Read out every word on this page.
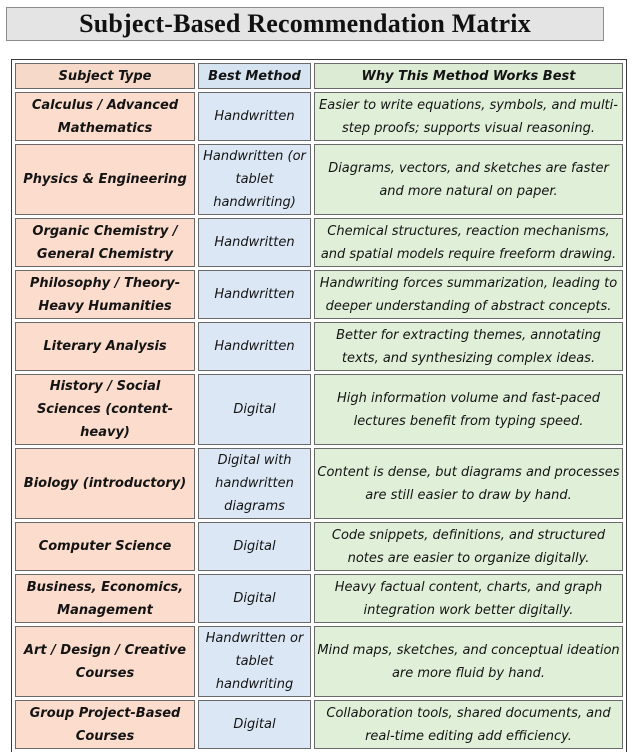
Subject-Based Recommendation Matrix
Subject Type	Best Method	Why This Method Works Best
Calculus / Advanced Mathematics	Handwritten	Easier to write equations, symbols, and multi-step proofs; supports visual reasoning.
Physics & Engineering	Handwritten (or tablet handwriting)	Diagrams, vectors, and sketches are faster and more natural on paper.
Organic Chemistry / General Chemistry	Handwritten	Chemical structures, reaction mechanisms, and spatial models require freeform drawing.
Philosophy / Theory-Heavy Humanities	Handwritten	Handwriting forces summarization, leading to deeper understanding of abstract concepts.
Literary Analysis	Handwritten	Better for extracting themes, annotating texts, and synthesizing complex ideas.
History / Social Sciences (content-heavy)	Digital	High information volume and fast-paced lectures benefit from typing speed.
Biology (introductory)	Digital with handwritten diagrams	Content is dense, but diagrams and processes are still easier to draw by hand.
Computer Science	Digital	Code snippets, definitions, and structured notes are easier to organize digitally.
Business, Economics, Management	Digital	Heavy factual content, charts, and graph integration work better digitally.
Art / Design / Creative Courses	Handwritten or tablet handwriting	Mind maps, sketches, and conceptual ideation are more fluid by hand.
Group Project-Based Courses	Digital	Collaboration tools, shared documents, and real-time editing add efficiency.
